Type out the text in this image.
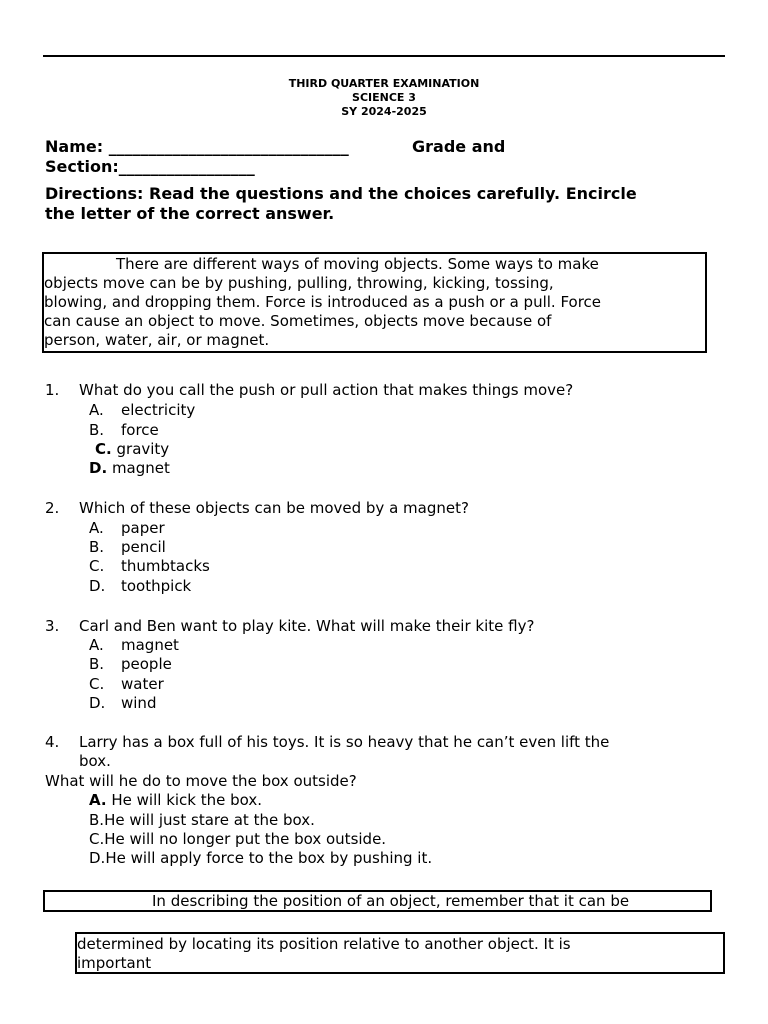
THIRD QUARTER EXAMINATION
SCIENCE 3
SY 2024-2025
Name: ______________________________	Grade and
Section:_________________
Directions: Read the questions and the choices carefully. Encircle
the letter of the correct answer.
There are different ways of moving objects. Some ways to make
objects move can be by pushing, pulling, throwing, kicking, tossing,
blowing, and dropping them. Force is introduced as a push or a pull. Force
can cause an object to move. Sometimes, objects move because of
person, water, air, or magnet.
1. What do you call the push or pull action that makes things move?
A. electricity
B. force
C. gravity
D. magnet
2. Which of these objects can be moved by a magnet?
A. paper
B. pencil
C. thumbtacks
D. toothpick
3. Carl and Ben want to play kite. What will make their kite fly?
A. magnet
B. people
C. water
D. wind
4. Larry has a box full of his toys. It is so heavy that he can’t even lift the
box.
What will he do to move the box outside?
A. He will kick the box.
B.He will just stare at the box.
C.He will no longer put the box outside.
D.He will apply force to the box by pushing it.
In describing the position of an object, remember that it can be
determined by locating its position relative to another object. It is
important
